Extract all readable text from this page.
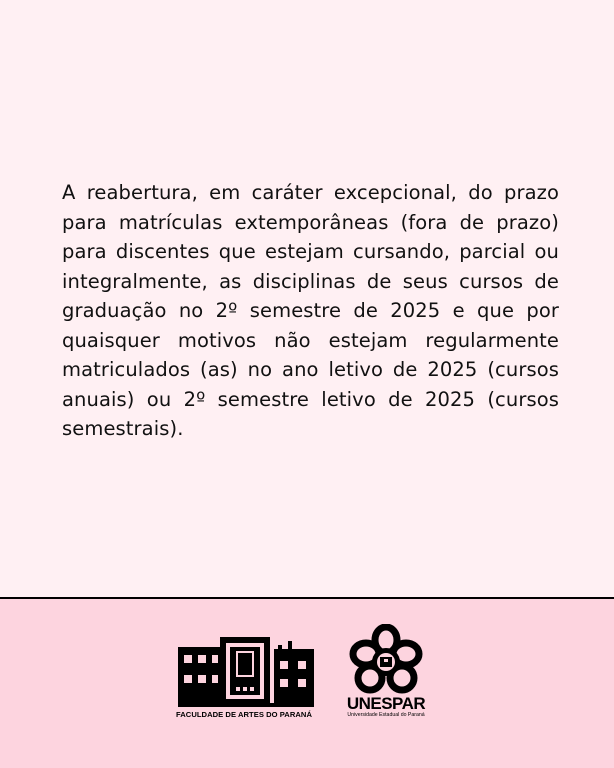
A reabertura, em caráter excepcional, do prazo para matrículas extemporâneas (fora de prazo) para discentes que estejam cursando, parcial ou integralmente, as disciplinas de seus cursos de graduação no 2º semestre de 2025 e que por quaisquer motivos não estejam regularmente matriculados (as) no ano letivo de 2025 (cursos anuais) ou 2º semestre letivo de 2025 (cursos semestrais).

FACULDADE DE ARTES DO PARANÁ
UNESPAR
Universidade Estadual do Paraná
